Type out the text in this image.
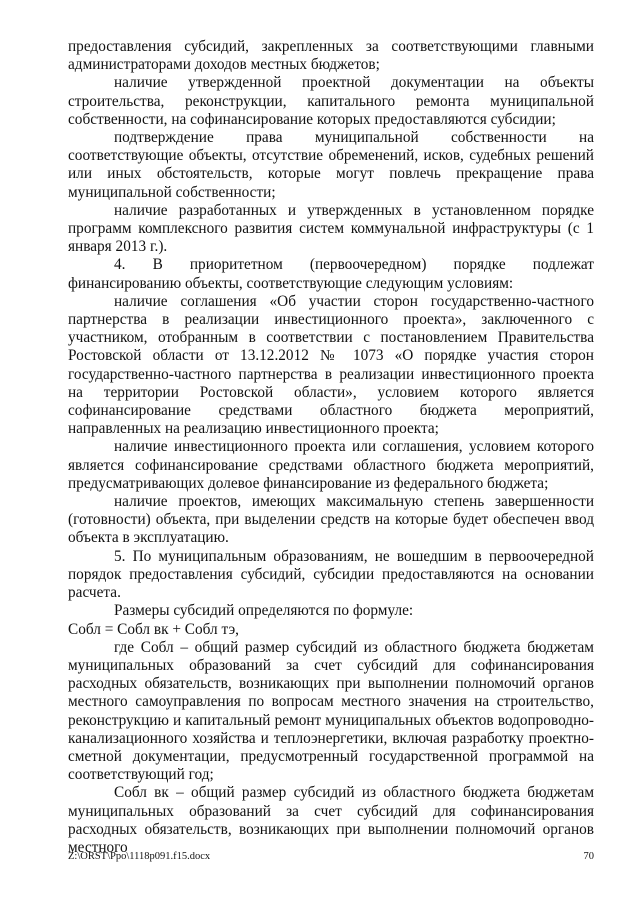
предоставления субсидий, закрепленных за соответствующими главными администраторами доходов местных бюджетов;

наличие утвержденной проектной документации на объекты строительства, реконструкции, капитального ремонта муниципальной собственности, на софинансирование которых предоставляются субсидии;

подтверждение права муниципальной собственности на соответствующие объекты, отсутствие обременений, исков, судебных решений или иных обстоятельств, которые могут повлечь прекращение права муниципальной собственности;

наличие разработанных и утвержденных в установленном порядке программ комплексного развития систем коммунальной инфраструктуры (с 1 января 2013 г.).

4. В приоритетном (первоочередном) порядке подлежат финансированию объекты, соответствующие следующим условиям:

наличие соглашения «Об участии сторон государственно-частного партнерства в реализации инвестиционного проекта», заключенного с участником, отобранным в соответствии с постановлением Правительства Ростовской области от 13.12.2012 № 1073 «О порядке участия сторон государственно-частного партнерства в реализации инвестиционного проекта на территории Ростовской области», условием которого является софинансирование средствами областного бюджета мероприятий, направленных на реализацию инвестиционного проекта;

наличие инвестиционного проекта или соглашения, условием которого является софинансирование средствами областного бюджета мероприятий, предусматривающих долевое финансирование из федерального бюджета;

наличие проектов, имеющих максимальную степень завершенности (готовности) объекта, при выделении средств на которые будет обеспечен ввод объекта в эксплуатацию.

5. По муниципальным образованиям, не вошедшим в первоочередной порядок предоставления субсидий, субсидии предоставляются на основании расчета.

Размеры субсидий определяются по формуле:

Собл = Собл вк + Собл тэ,

где Собл – общий размер субсидий из областного бюджета бюджетам муниципальных образований за счет субсидий для софинансирования расходных обязательств, возникающих при выполнении полномочий органов местного самоуправления по вопросам местного значения на строительство, реконструкцию и капитальный ремонт муниципальных объектов водопроводно-канализационного хозяйства и теплоэнергетики, включая разработку проектно-сметной документации, предусмотренный государственной программой на соответствующий год;

Собл вк – общий размер субсидий из областного бюджета бюджетам муниципальных образований за счет субсидий для софинансирования расходных обязательств, возникающих при выполнении полномочий органов местного

Z:\ORST\Ppo\1118p091.f15.docx	70
